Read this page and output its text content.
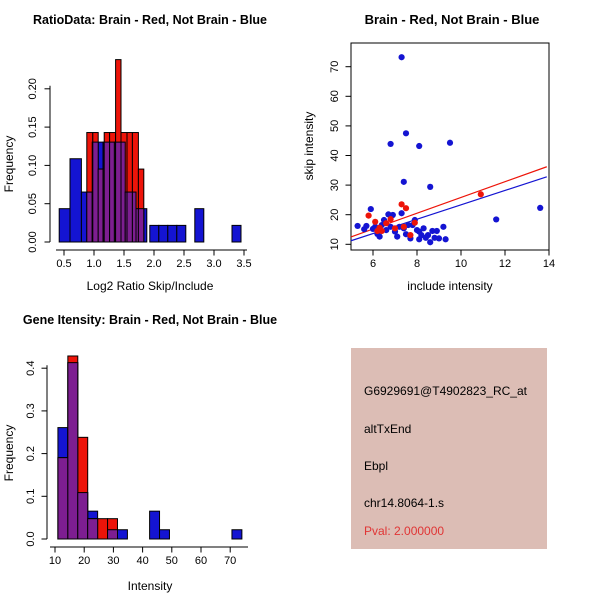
0.00
0.05
0.10
0.15
0.20
0.5 1.0 1.5 2.0 2.5 3.0 3.5
RatioData: Brain - Red, Not Brain - Blue
Log2 Ratio Skip/Include
Frequency
6	8	10	12	14
10
20
30
40
50
60
70
Brain - Red, Not Brain - Blue
include intensity
skip intensity
0.0
0.1
0.2
0.3
0.4
10 20 30 40 50 60 70
Gene Itensity: Brain - Red, Not Brain - Blue
Intensity
Frequency
G6929691@T4902823_RC_at
altTxEnd
Ebpl
chr14.8064-1.s
Pval: 2.000000
